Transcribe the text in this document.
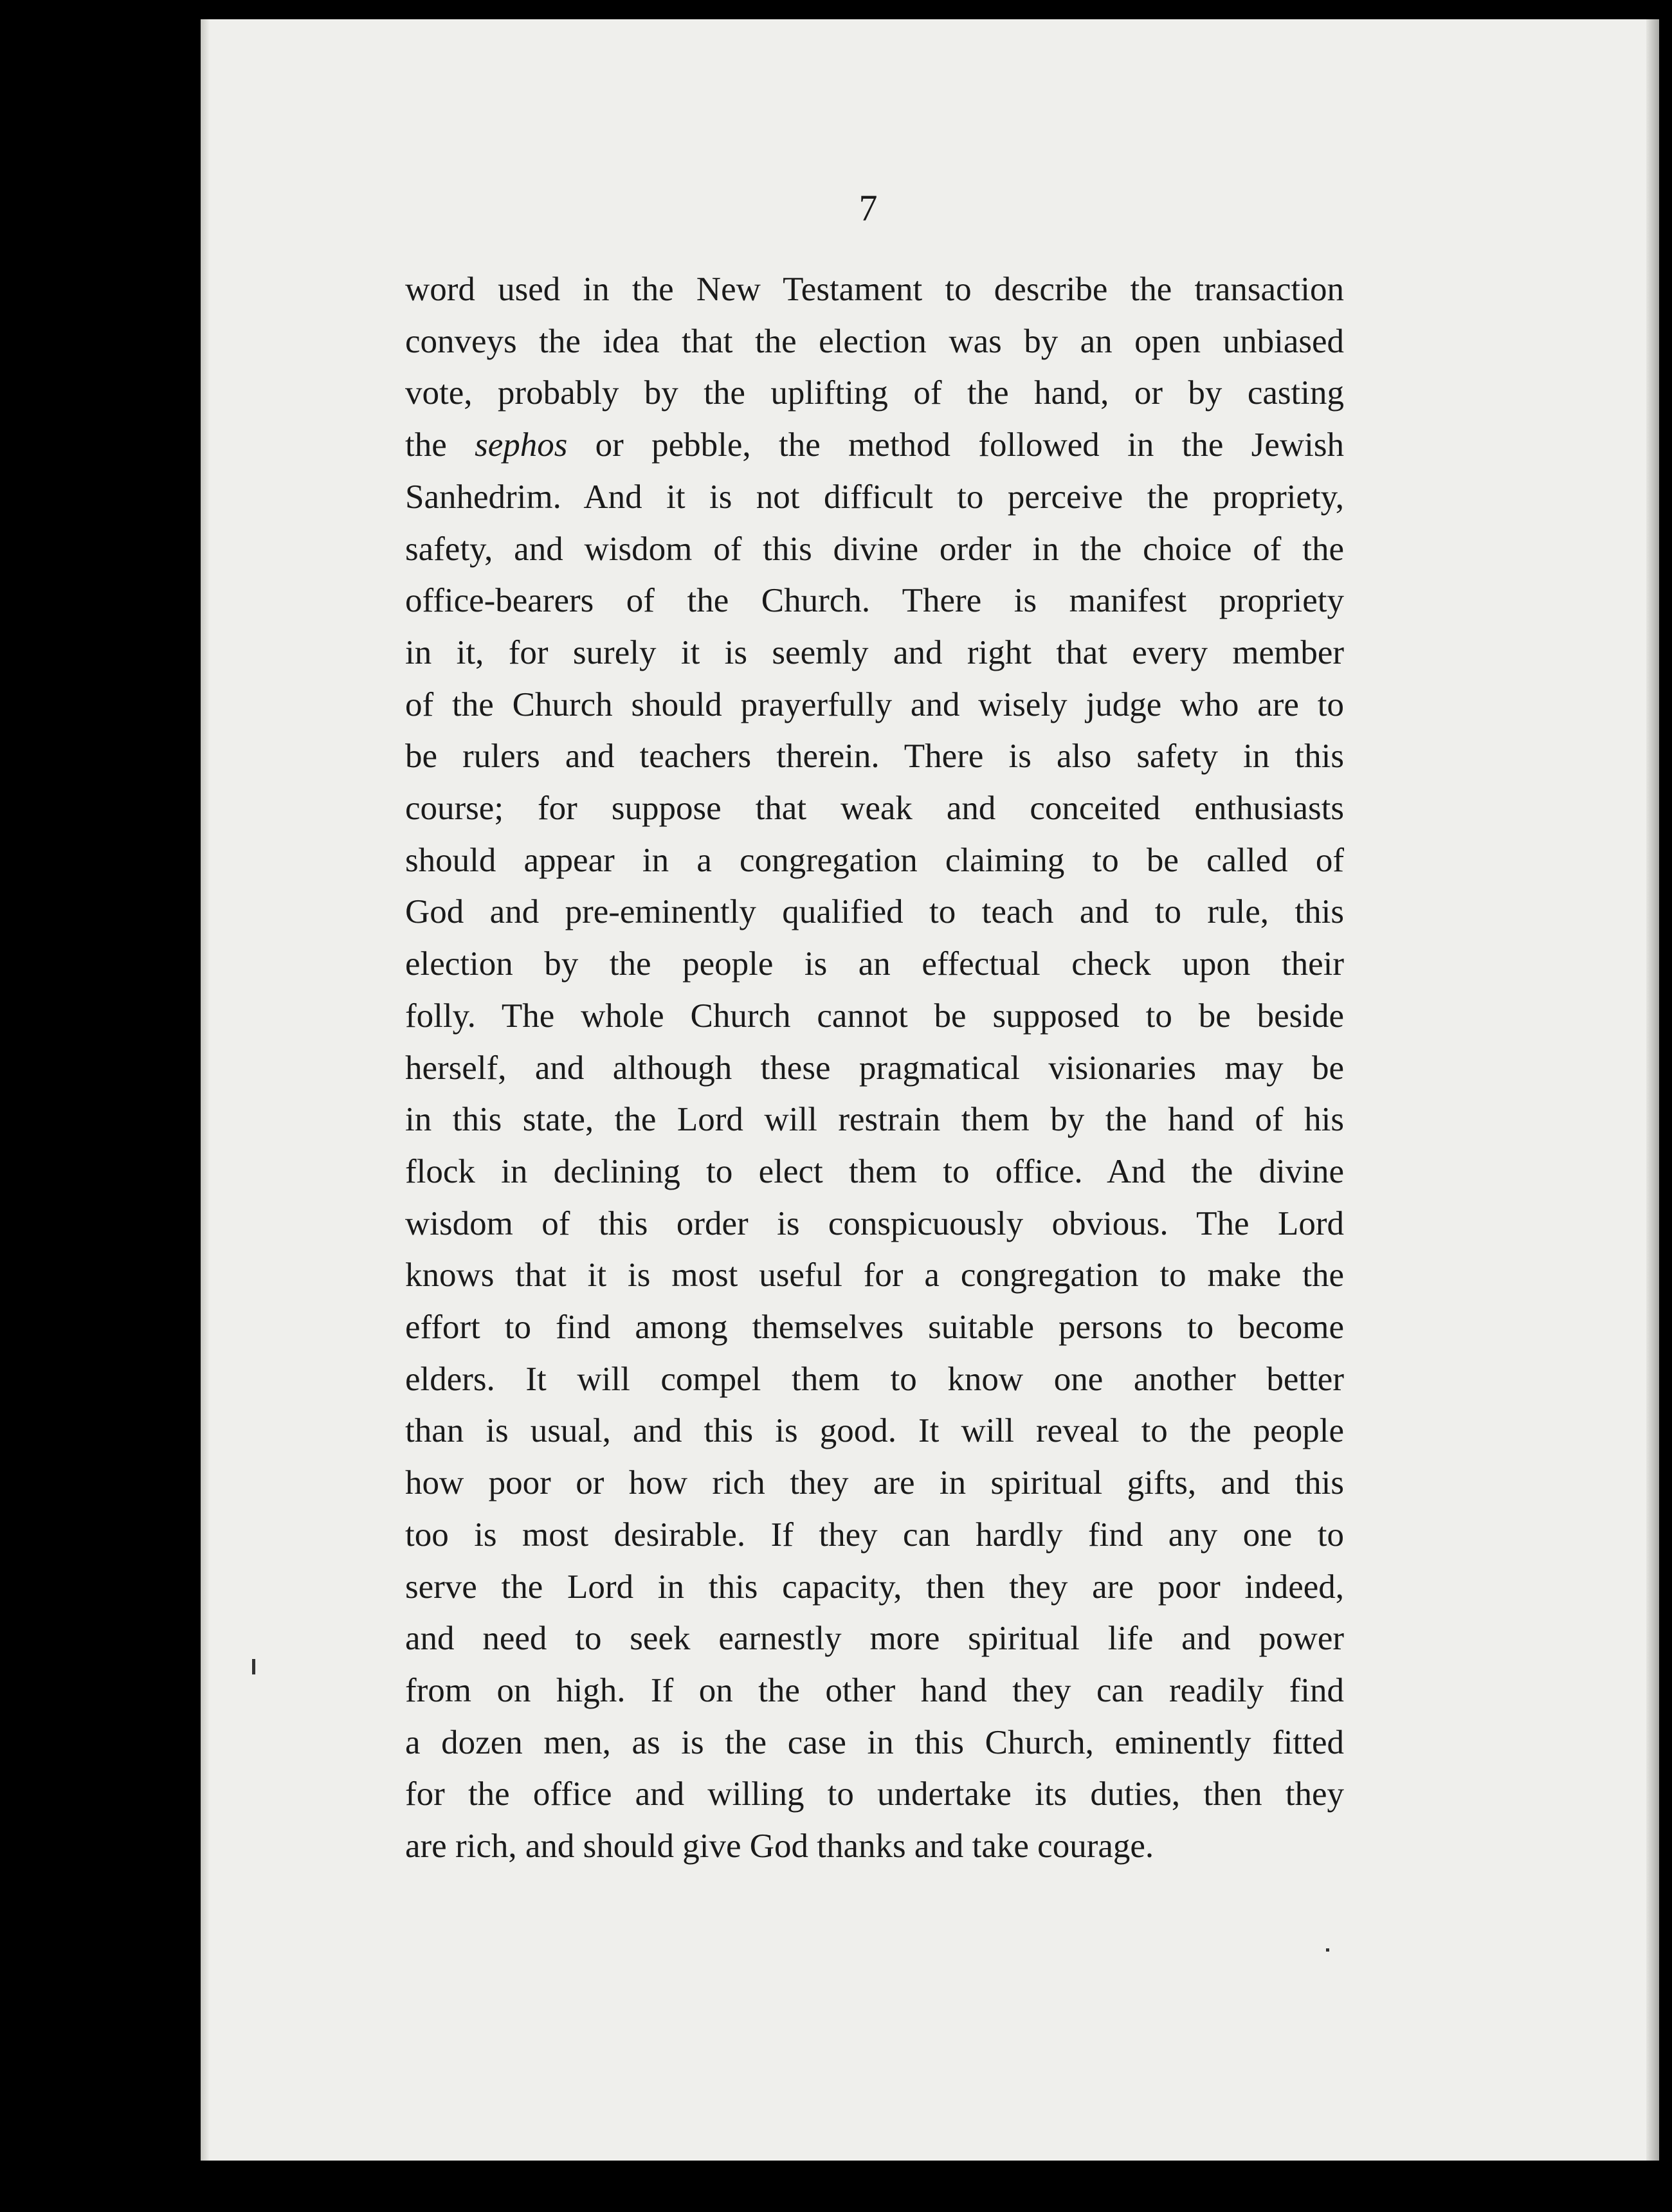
7
word used in the New Testament to describe the transaction
conveys the idea that the election was by an open unbiased
vote, probably by the uplifting of the hand, or by casting
the sephos or pebble, the method followed in the Jewish
Sanhedrim. And it is not difficult to perceive the propriety,
safety, and wisdom of this divine order in the choice of the
office-bearers of the Church. There is manifest propriety
in it, for surely it is seemly and right that every member
of the Church should prayerfully and wisely judge who are to
be rulers and teachers therein. There is also safety in this
course; for suppose that weak and conceited enthusiasts
should appear in a congregation claiming to be called of
God and pre-eminently qualified to teach and to rule, this
election by the people is an effectual check upon their
folly. The whole Church cannot be supposed to be beside
herself, and although these pragmatical visionaries may be
in this state, the Lord will restrain them by the hand of his
flock in declining to elect them to office. And the divine
wisdom of this order is conspicuously obvious. The Lord
knows that it is most useful for a congregation to make the
effort to find among themselves suitable persons to become
elders. It will compel them to know one another better
than is usual, and this is good. It will reveal to the people
how poor or how rich they are in spiritual gifts, and this
too is most desirable. If they can hardly find any one to
serve the Lord in this capacity, then they are poor indeed,
and need to seek earnestly more spiritual life and power
from on high. If on the other hand they can readily find
a dozen men, as is the case in this Church, eminently fitted
for the office and willing to undertake its duties, then they
are rich, and should give God thanks and take courage.
